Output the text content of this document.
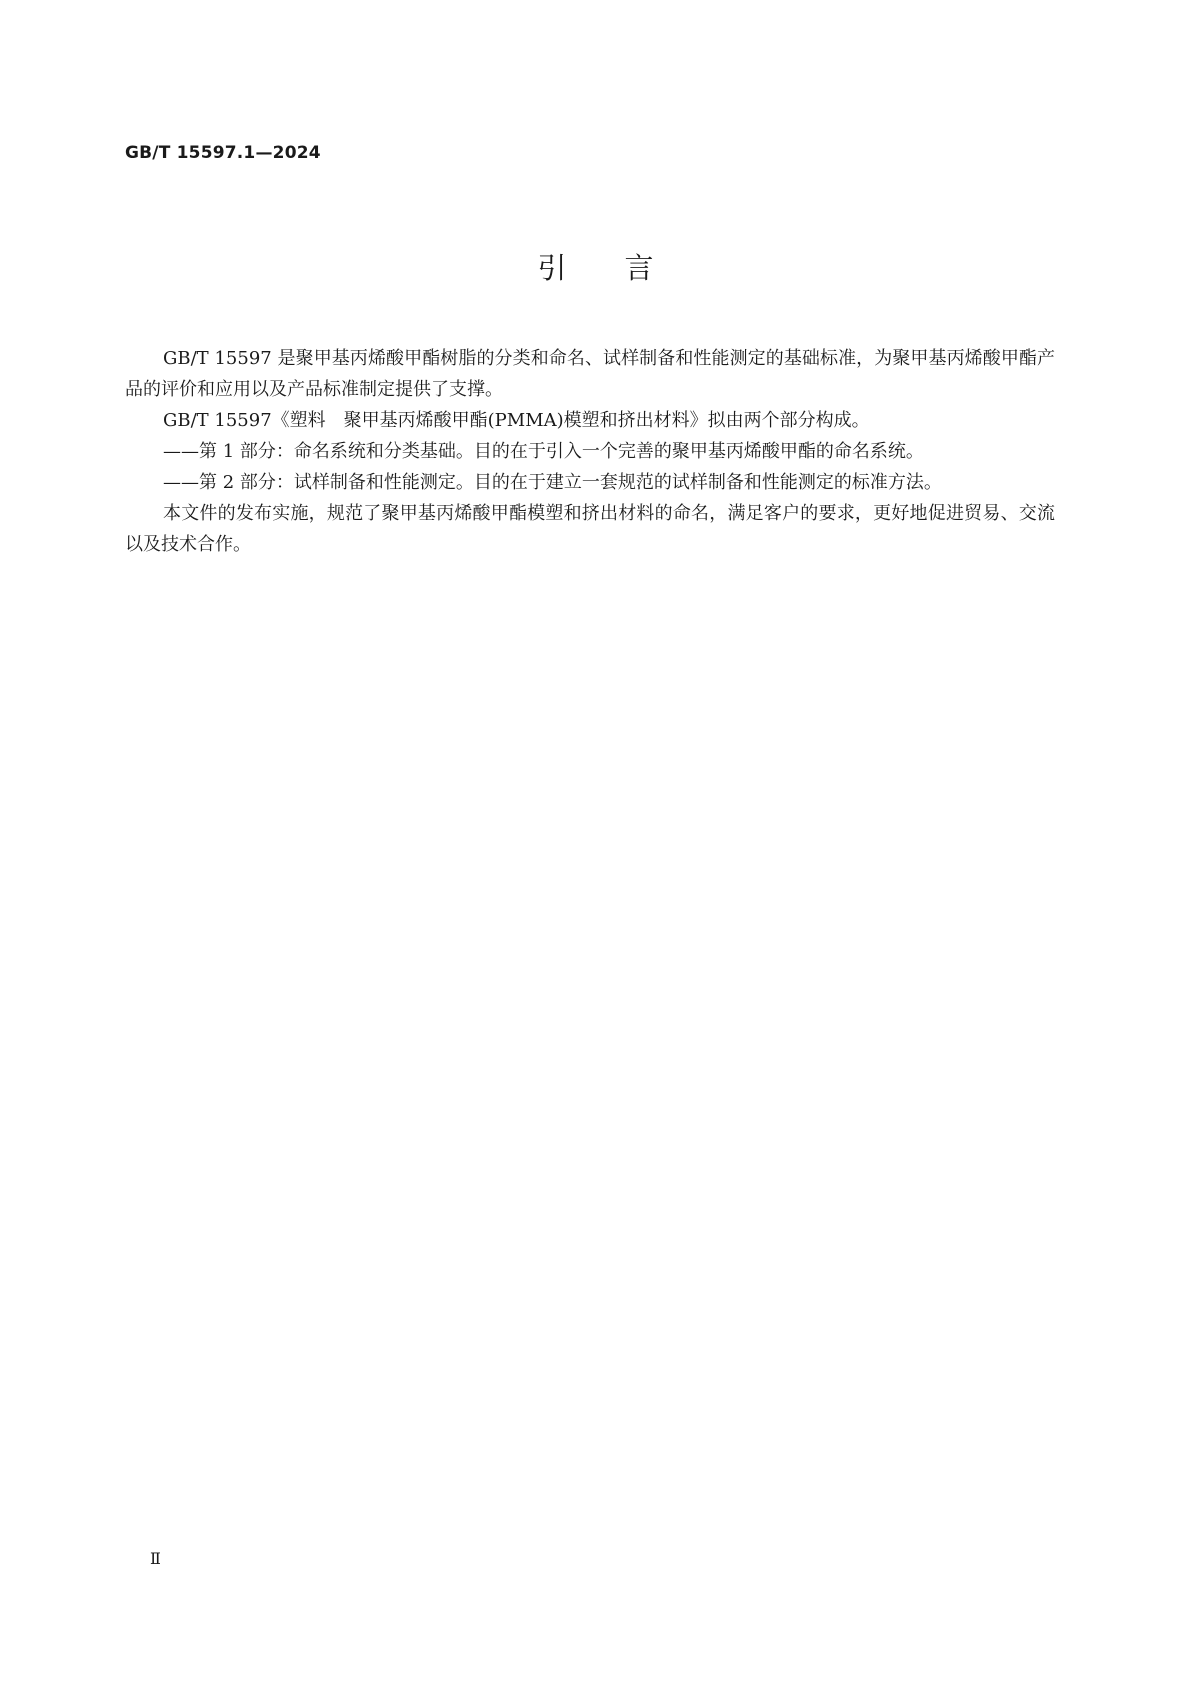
GB/T 15597.1—2024
引言

GB/T 15597 是聚甲基丙烯酸甲酯树脂的分类和命名、试样制备和性能测定的基础标准，为聚甲基丙烯酸甲酯产品的评价和应用以及产品标准制定提供了支撑。

GB/T 15597《塑料　聚甲基丙烯酸甲酯(PMMA)模塑和挤出材料》拟由两个部分构成。

——第 1 部分：命名系统和分类基础。目的在于引入一个完善的聚甲基丙烯酸甲酯的命名系统。

——第 2 部分：试样制备和性能测定。目的在于建立一套规范的试样制备和性能测定的标准方法。

本文件的发布实施，规范了聚甲基丙烯酸甲酯模塑和挤出材料的命名，满足客户的要求，更好地促进贸易、交流以及技术合作。

Ⅱ
